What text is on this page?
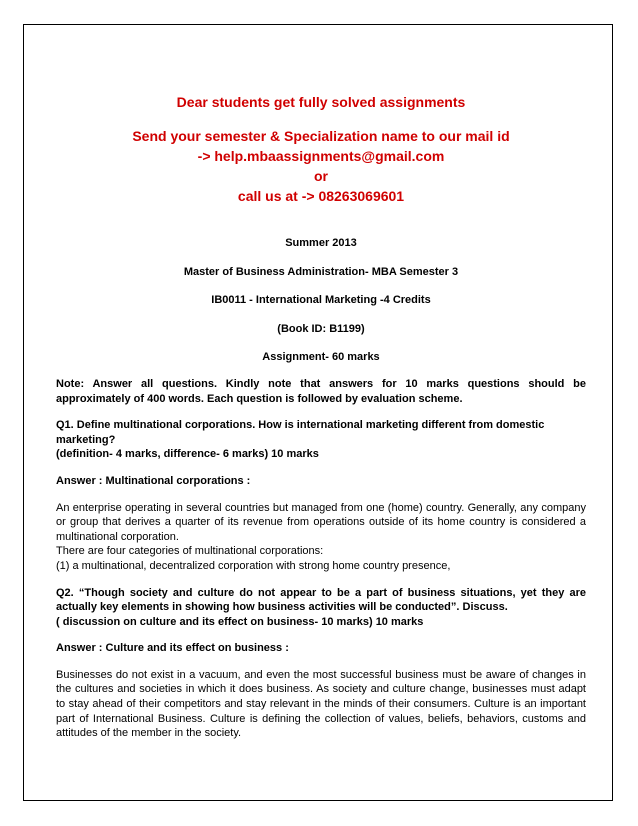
Dear students get fully solved assignments
Send your semester & Specialization name to our mail id
-> help.mbaassignments@gmail.com
or
call us at -> 08263069601
Summer 2013
Master of Business Administration- MBA Semester 3
IB0011 - International Marketing -4 Credits
(Book ID: B1199)
Assignment- 60 marks
Note: Answer all questions. Kindly note that answers for 10 marks questions should be approximately of 400 words. Each question is followed by evaluation scheme.
Q1. Define multinational corporations. How is international marketing different from domestic marketing?
(definition- 4 marks, difference- 6 marks) 10 marks
Answer : Multinational corporations :
An enterprise operating in several countries but managed from one (home) country. Generally, any company or group that derives a quarter of its revenue from operations outside of its home country is considered a multinational corporation.
There are four categories of multinational corporations:
(1) a multinational, decentralized corporation with strong home country presence,
Q2. “Though society and culture do not appear to be a part of business situations, yet they are actually key elements in showing how business activities will be conducted”. Discuss.
( discussion on culture and its effect on business- 10 marks) 10 marks
Answer : Culture and its effect on business :
Businesses do not exist in a vacuum, and even the most successful business must be aware of changes in the cultures and societies in which it does business. As society and culture change, businesses must adapt to stay ahead of their competitors and stay relevant in the minds of their consumers. Culture is an important part of International Business. Culture is defining the collection of values, beliefs, behaviors, customs and attitudes of the member in the society.
